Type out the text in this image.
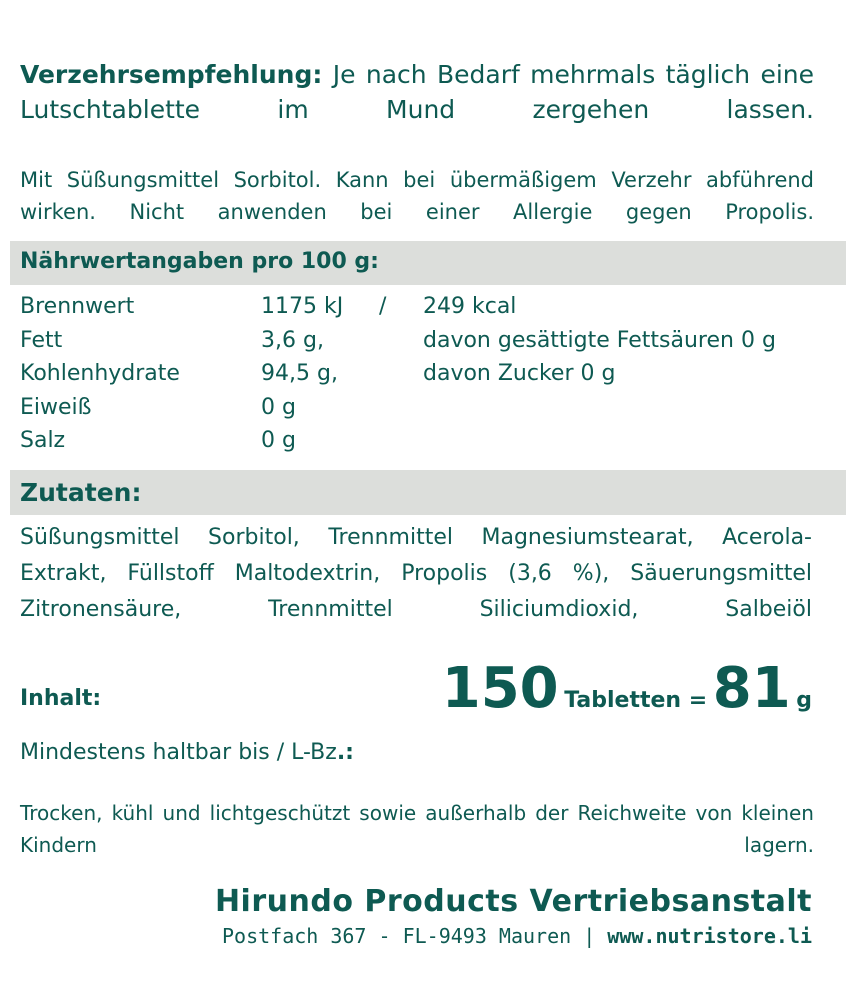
Verzehrsempfehlung: Je nach Bedarf mehrmals täglich eine Lutschtablette im Mund zergehen lassen.
Mit Süßungsmittel Sorbitol. Kann bei übermäßigem Verzehr abführend wirken. Nicht anwenden bei einer Allergie gegen Propolis.
Nährwertangaben pro 100 g:
Brennwert	1175 kJ / 249 kcal
Fett	3,6 g,	davon gesättigte Fettsäuren 0 g
Kohlenhydrate	94,5 g,	davon Zucker 0 g
Eiweiß	0 g
Salz	0 g
Zutaten:
Süßungsmittel Sorbitol, Trennmittel Magnesiumstearat, Acerola-Extrakt, Füllstoff Maltodextrin, Propolis (3,6 %), Säuerungsmittel Zitronensäure, Trennmittel Siliciumdioxid, Salbeiöl
Inhalt:	150 Tabletten = 81 g
Mindestens haltbar bis / L-Bz.:
Trocken, kühl und lichtgeschützt sowie außerhalb der Reichweite von kleinen Kindern lagern.
Hirundo Products Vertriebsanstalt
Postfach 367 - FL-9493 Mauren | www.nutristore.li
